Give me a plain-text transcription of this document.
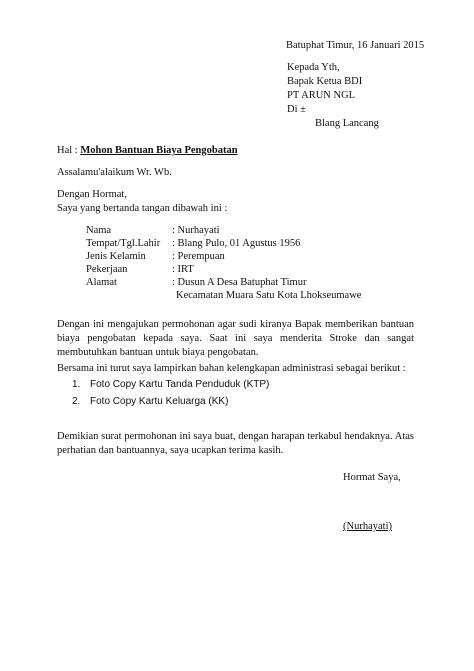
Batuphat Timur, 16 Januari 2015
Kepada Yth,
Bapak Ketua BDI
PT ARUN NGL
Di ±
Blang Lancang
Hal : Mohon Bantuan Biaya Pengobatan
Assalamu'alaikum Wr. Wb.
Dengan Hormat,
Saya yang bertanda tangan dibawah ini :
Nama	: Nurhayati
Tempat/Tgl.Lahir : Blang Pulo, 01 Agustus 1956
Jenis Kelamin : Perempuan
Pekerjaan	: IRT
Alamat	: Dusun A Desa Batuphat Timur
Kecamatan Muara Satu Kota Lhokseumawe
Dengan ini mengajukan permohonan agar sudi kiranya Bapak memberikan bantuan biaya pengobatan kepada saya. Saat ini saya menderita Stroke dan sangat membutuhkan bantuan untuk biaya pengobatan.
Bersama ini turut saya lampirkan bahan kelengkapan administrasi sebagai berikut :
1. Foto Copy Kartu Tanda Penduduk (KTP)
2. Foto Copy Kartu Keluarga (KK)
Demikian surat permohonan ini saya buat, dengan harapan terkabul hendaknya. Atas perhatian dan bantuannya, saya ucapkan terima kasih.
Hormat Saya,
(Nurhayati)
